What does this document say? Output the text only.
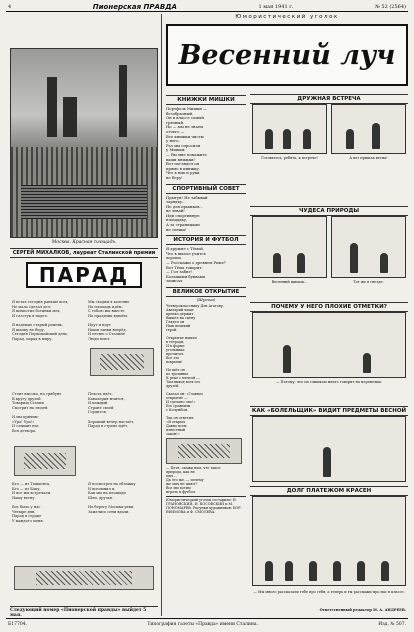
4	Пионерская ПРАВДА	1 мая 1941 г.	№ 52 (2564)
Москва. Красная площадь.
СЕРГЕЙ МИХАЛКОВ, лауреат Сталинской премии
ПАРАД
Я встал сегодня раньше всех,
Не мало сделал дел:
Я вычистил ботинки мех,
И галстук я надел.

Я надеваю старый ремень,
Я шапку не беру,
Сегодня Первомайский день,
Парад, парад в миру.
Мы сходим в колонне
На площадь идём,
С тобою мы вместе
На праздник вдвоём.

Идут и идут
Наши танки вперёд,
И песню о Сталине
Люди поют.
Стоит высоко, на трибуне
В кругу друзей
Товарищ Сталин
Смотрит на людей.

И мы кричим:
«Ура! Ура!»
И слышит нас
Вся детвора.
Пехота идёт,
Кавалерия мчится,
И каждый
Стране своей
Гордится.

Хороший вечер настаёт,
Парад в стране идёт.
Кто — из Ташкента,
Кто — из Баку,
И все мы встречаем
Нашу весну.

Вот было у нас
Четыре дня,
Парад в сердце
У каждого меня.
Я посмотрел на обложку
И вспомнил я,
Как мы на площади
Шли, друзья.

На берегу Москвы-реки
Зажглись огни вдали.
Следующий номер «Пионерской правды» выйдет 5 мая.
Юмористический уголок
Весенний луч
КНИЖКИ МИШКИ
Портфель Мишки —
безобразный,
Он в классе самый
грязный.
Но — мы не знаем
отчего —
Все книжки чисты
у него.
Раз мы спросили
у Мишки:
— Вы мне покажите
ваши книжки!
Вот поглядел он
прямо в книжку,
Что в них и руки
не беру!
СПОРТИВНЫЙ СОВЕТ
Прыгун! Не забывай
зарядку...
Но для прыжков...
не зевай!
Иди спортивную
площадку,
А за страницами
не спеши!
ИСТОРИЯ И ФУТБОЛ
Я дружил с Тёмой,
Что в школе учится
хорошо.
— Расскажи о древнем Риме?
Вот Тёма говорит:
— Гол забит!
Большими буквами
записал.
ВЕЛИКОЕ ОТКРЫТИЕ
(Шутка)
Четверокласснику Ден Агатову,
Аватарий чаще
крепко держит
Вышел на сцену
Глядел он
Наш великий
герой.

Открытие нашли
в тетради,
И в форме
угольника
прочитал.
Все это
вскрыли!

Но шёл он
по тропинке
К реке с мечтой —
Там выход всех его
друзей.

Сказал он: «Главное
открытие —
И сделано оно!»
Его сравнили
с Колумбом.

Так он ответил:
«Я открыл
Давно всем
известный
закон!»
— Петя, скажи нам, что такое
природа, как не
мяч ...
Да это же, — почему
же мяч не шьют?
Все мы хотим
играть в футбол.
Юмористический уголок составили: Н. ГРАНОВСКИЙ, И. КОСОВСКИЙ и М. ПОНОМАРЕВ. Рисунки художников: БОР. ЕФИМОВА и Ф. СМОЛЕВА.
ДРУЖНАЯ ВСТРЕЧА
Готовьтесь, ребята, к встрече!	А вот пришла весна!
ЧУДЕСА ПРИРОДЫ
Весенний шишок...	Тот же в гнезде.
ПОЧЕМУ У НЕГО ПЛОХИЕ ОТМЕТКИ?
— Потому, что он слишком много говорит на переменах.
КАК «БОЛЕЛЬЩИК» ВИДИТ ПРЕДМЕТЫ ВЕСНОЙ
ДОЛГ ПЛАТЕЖОМ КРАСЕН
— Мы много рассказали тебе про себя, а теперь и ты расскажи про нас в классе.
Ответственный редактор М. А. АНДРЕЕВ.
Б17704.	Типография газеты «Правда» имени Сталина.	Изд. № 507.
